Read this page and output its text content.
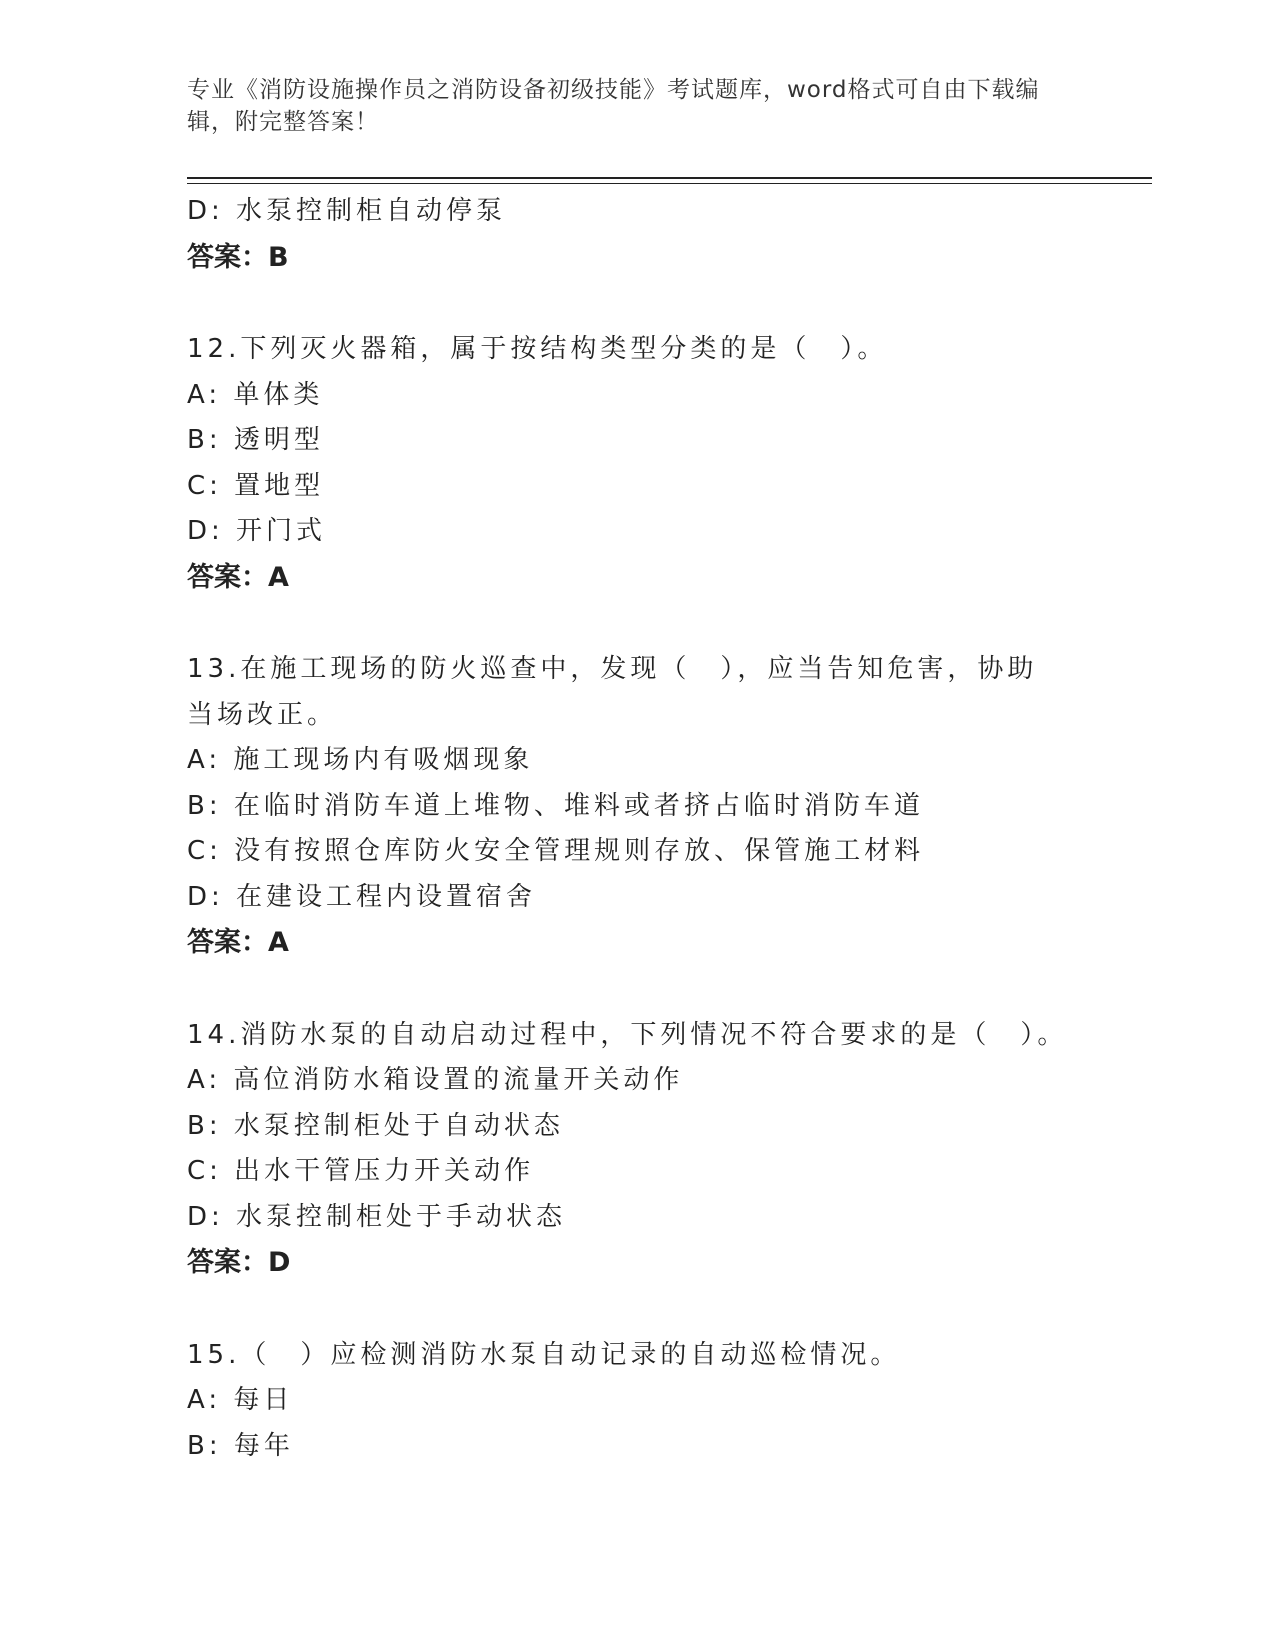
专业《消防设施操作员之消防设备初级技能》考试题库，word格式可自由下载编辑，附完整答案！
D: 水泵控制柜自动停泵
答案：B
12.下列灭火器箱，属于按结构类型分类的是（　）。
A: 单体类
B: 透明型
C: 置地型
D: 开门式
答案：A
13.在施工现场的防火巡查中，发现（　），应当告知危害，协助当场改正。
A: 施工现场内有吸烟现象
B: 在临时消防车道上堆物、堆料或者挤占临时消防车道
C: 没有按照仓库防火安全管理规则存放、保管施工材料
D: 在建设工程内设置宿舍
答案：A
14.消防水泵的自动启动过程中，下列情况不符合要求的是（　）。
A: 高位消防水箱设置的流量开关动作
B: 水泵控制柜处于自动状态
C: 出水干管压力开关动作
D: 水泵控制柜处于手动状态
答案：D
15.（　）应检测消防水泵自动记录的自动巡检情况。
A: 每日
B: 每年
